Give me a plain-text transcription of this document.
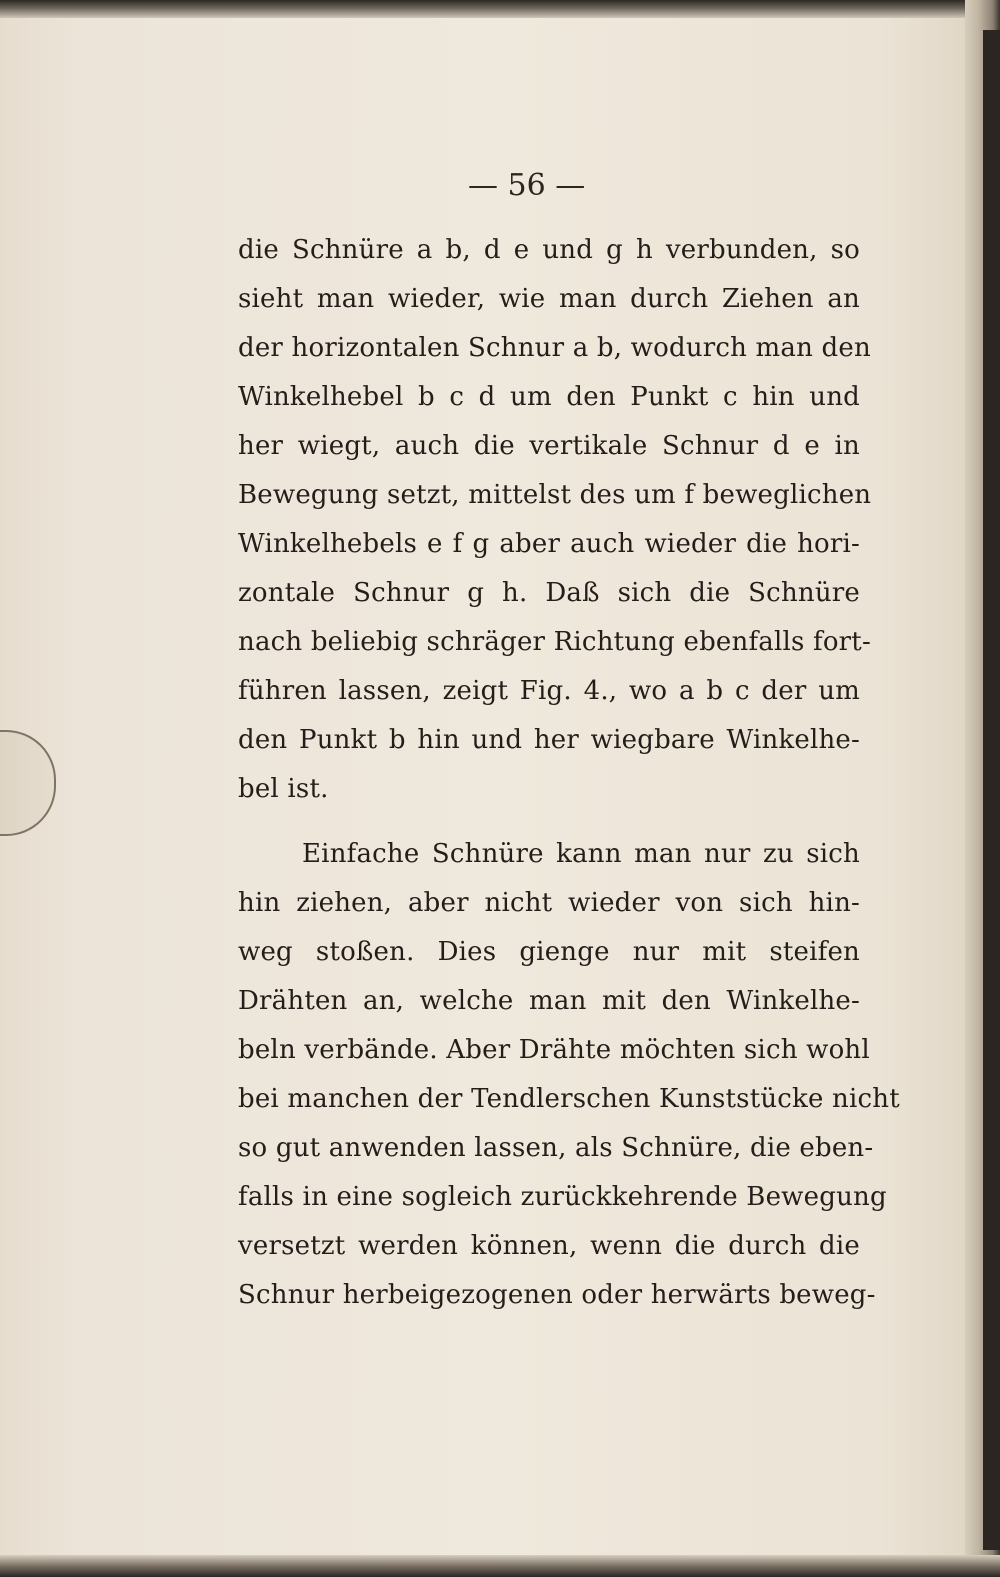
— 56 —
die Schnüre a b, d e und g h verbunden, so
sieht man wieder, wie man durch Ziehen an
der horizontalen Schnur a b, wodurch man den
Winkelhebel b c d um den Punkt c hin und
her wiegt, auch die vertikale Schnur d e in
Bewegung setzt, mittelst des um f beweglichen
Winkelhebels e f g aber auch wieder die hori-
zontale Schnur g h. Daß sich die Schnüre
nach beliebig schräger Richtung ebenfalls fort-
führen lassen, zeigt Fig. 4., wo a b c der um
den Punkt b hin und her wiegbare Winkelhe-
bel ist.
Einfache Schnüre kann man nur zu sich
hin ziehen, aber nicht wieder von sich hin-
weg stoßen. Dies gienge nur mit steifen
Drähten an, welche man mit den Winkelhe-
beln verbände. Aber Drähte möchten sich wohl
bei manchen der Tendlerschen Kunststücke nicht
so gut anwenden lassen, als Schnüre, die eben-
falls in eine sogleich zurückkehrende Bewegung
versetzt werden können, wenn die durch die
Schnur herbeigezogenen oder herwärts beweg-
